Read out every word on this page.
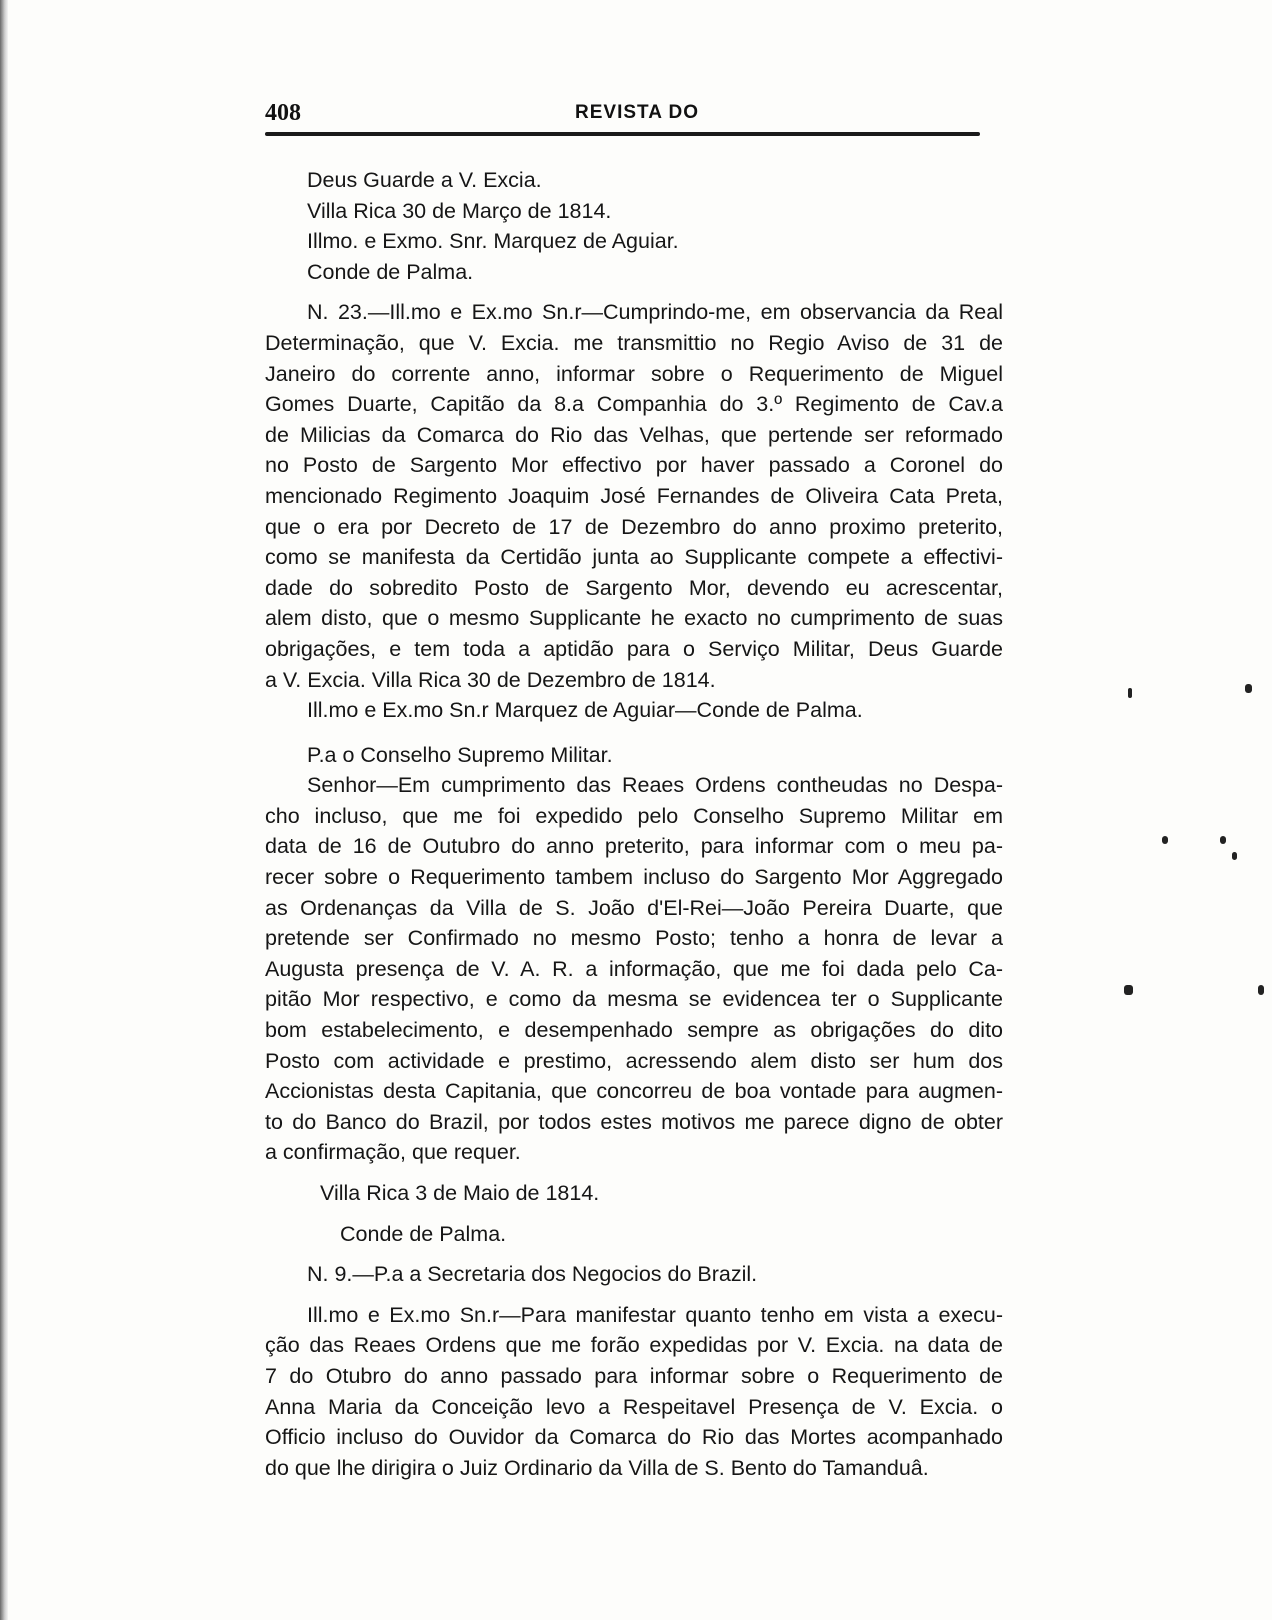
408	REVISTA DO
Deus Guarde a V. Excia.
Villa Rica 30 de Março de 1814.
Illmo. e Exmo. Snr. Marquez de Aguiar.
Conde de Palma.
N. 23.—Ill.mo e Ex.mo Sn.r—Cumprindo-me, em observancia da Real
Determinação, que V. Excia. me transmittio no Regio Aviso de 31 de
Janeiro do corrente anno, informar sobre o Requerimento de Miguel
Gomes Duarte, Capitão da 8.a Companhia do 3.º Regimento de Cav.a
de Milicias da Comarca do Rio das Velhas, que pertende ser reformado
no Posto de Sargento Mor effectivo por haver passado a Coronel do
mencionado Regimento Joaquim José Fernandes de Oliveira Cata Preta,
que o era por Decreto de 17 de Dezembro do anno proximo preterito,
como se manifesta da Certidão junta ao Supplicante compete a effectivi-
dade do sobredito Posto de Sargento Mor, devendo eu acrescentar,
alem disto, que o mesmo Supplicante he exacto no cumprimento de suas
obrigações, e tem toda a aptidão para o Serviço Militar, Deus Guarde
a V. Excia. Villa Rica 30 de Dezembro de 1814.
Ill.mo e Ex.mo Sn.r Marquez de Aguiar—Conde de Palma.
P.a o Conselho Supremo Militar.
Senhor—Em cumprimento das Reaes Ordens contheudas no Despa-
cho incluso, que me foi expedido pelo Conselho Supremo Militar em
data de 16 de Outubro do anno preterito, para informar com o meu pa-
recer sobre o Requerimento tambem incluso do Sargento Mor Aggregado
as Ordenanças da Villa de S. João d'El-Rei—João Pereira Duarte, que
pretende ser Confirmado no mesmo Posto; tenho a honra de levar a
Augusta presença de V. A. R. a informação, que me foi dada pelo Ca-
pitão Mor respectivo, e como da mesma se evidencea ter o Supplicante
bom estabelecimento, e desempenhado sempre as obrigações do dito
Posto com actividade e prestimo, acressendo alem disto ser hum dos
Accionistas desta Capitania, que concorreu de boa vontade para augmen-
to do Banco do Brazil, por todos estes motivos me parece digno de obter
a confirmação, que requer.
Villa Rica 3 de Maio de 1814.
Conde de Palma.
N. 9.—P.a a Secretaria dos Negocios do Brazil.
Ill.mo e Ex.mo Sn.r—Para manifestar quanto tenho em vista a execu-
ção das Reaes Ordens que me forão expedidas por V. Excia. na data de
7 do Otubro do anno passado para informar sobre o Requerimento de
Anna Maria da Conceição levo a Respeitavel Presença de V. Excia. o
Officio incluso do Ouvidor da Comarca do Rio das Mortes acompanhado
do que lhe dirigira o Juiz Ordinario da Villa de S. Bento do Tamanduâ.
